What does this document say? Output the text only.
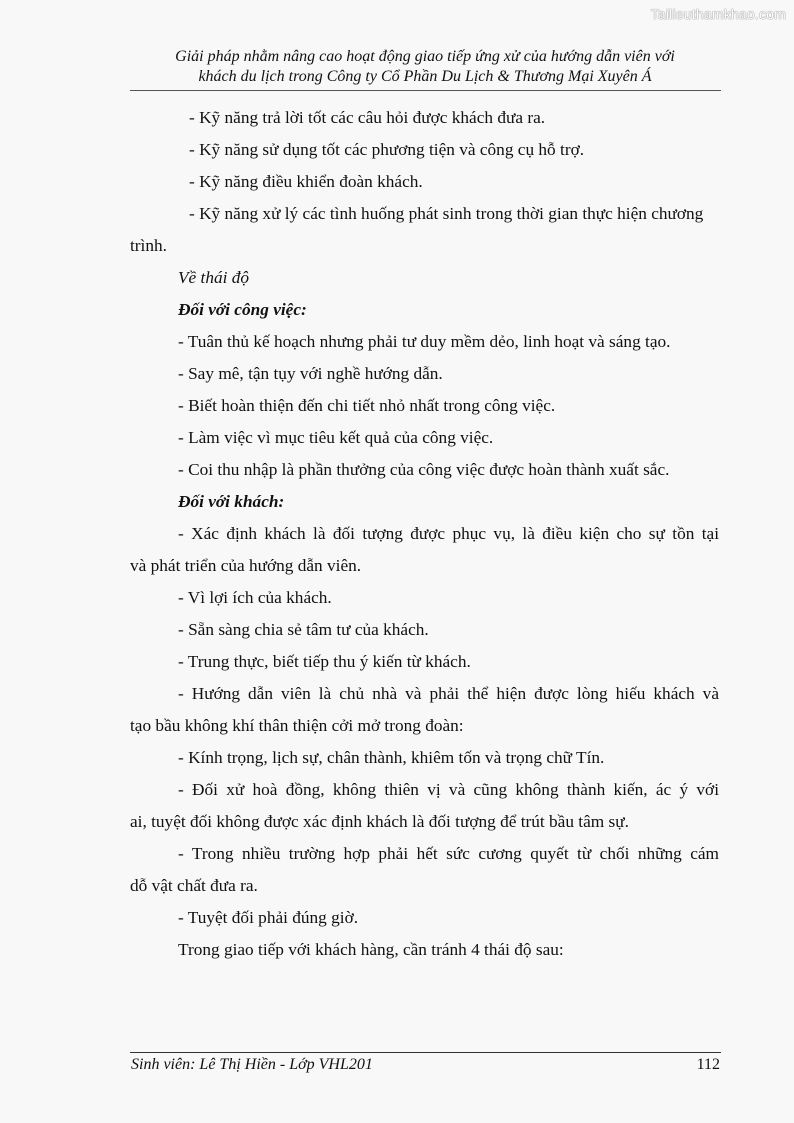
Tailieuthamkhao.com
Giải pháp nhằm nâng cao hoạt động giao tiếp ứng xử của hướng dẫn viên với
khách du lịch trong Công ty Cổ Phần Du Lịch & Thương Mại Xuyên Á
- Kỹ năng trả lời tốt các câu hỏi được khách đưa ra.
- Kỹ năng sử dụng tốt các phương tiện và công cụ hỗ trợ.
- Kỹ năng điều khiển đoàn khách.
- Kỹ năng xử lý các tình huống phát sinh trong thời gian thực hiện chương
trình.
Về thái độ
Đối với công việc:
- Tuân thủ kế hoạch nhưng phải tư duy mềm dẻo, linh hoạt và sáng tạo.
- Say mê, tận tụy với nghề hướng dẫn.
- Biết hoàn thiện đến chi tiết nhỏ nhất trong công việc.
- Làm việc vì mục tiêu kết quả của công việc.
- Coi thu nhập là phần thưởng của công việc được hoàn thành xuất sắc.
Đối với khách:
- Xác định khách là đối tượng được phục vụ, là điều kiện cho sự tồn tại
và phát triển của hướng dẫn viên.
- Vì lợi ích của khách.
- Sẵn sàng chia sẻ tâm tư của khách.
- Trung thực, biết tiếp thu ý kiến từ khách.
- Hướng dẫn viên là chủ nhà và phải thể hiện được lòng hiếu khách và
tạo bầu không khí thân thiện cởi mở trong đoàn:
- Kính trọng, lịch sự, chân thành, khiêm tốn và trọng chữ Tín.
- Đối xử hoà đồng, không thiên vị và cũng không thành kiến, ác ý với
ai, tuyệt đối không được xác định khách là đối tượng để trút bầu tâm sự.
- Trong nhiều trường hợp phải hết sức cương quyết từ chối những cám
dỗ vật chất đưa ra.
- Tuyệt đối phải đúng giờ.
Trong giao tiếp với khách hàng, cần tránh 4 thái độ sau:
Sinh viên: Lê Thị Hiền - Lớp VHL201	112
